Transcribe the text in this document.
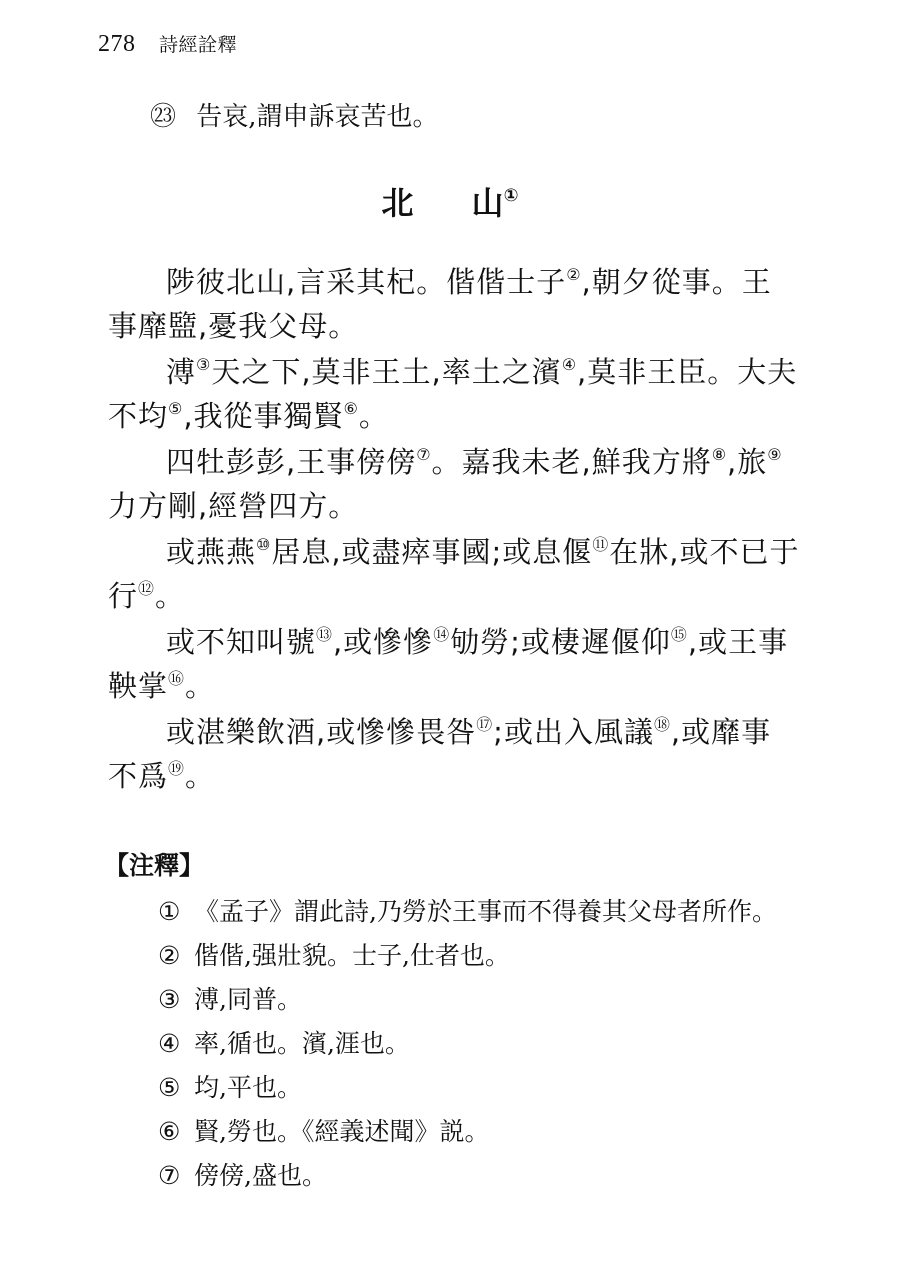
278 詩經詮釋
㉓ 告哀,謂申訴哀苦也。
北 山①

陟彼北山,言采其杞。偕偕士子②,朝夕從事。王事靡盬,憂我父母。

溥③天之下,莫非王土,率土之濱④,莫非王臣。大夫不均⑤,我從事獨賢⑥。

四牡彭彭,王事傍傍⑦。嘉我未老,鮮我方將⑧,旅⑨力方剛,經營四方。

或燕燕⑩居息,或盡瘁事國;或息偃⑪在牀,或不已于行⑫。

或不知叫號⑬,或慘慘⑭劬勞;或棲遲偃仰⑮,或王事鞅掌⑯。

或湛樂飲酒,或慘慘畏咎⑰;或出入風議⑱,或靡事不爲⑲。

【注釋】
① 《孟子》謂此詩,乃勞於王事而不得養其父母者所作。
② 偕偕,强壯貌。士子,仕者也。
③ 溥,同普。
④ 率,循也。濱,涯也。
⑤ 均,平也。
⑥ 賢,勞也。《經義述聞》説。
⑦ 傍傍,盛也。
